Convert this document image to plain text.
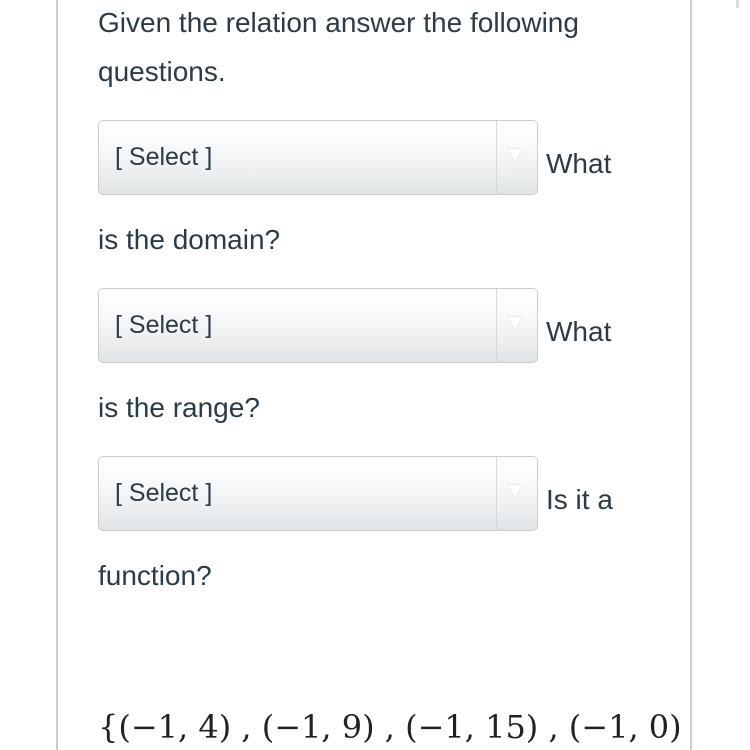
Given the relation answer the following
questions.
[ Select ]	What
is the domain?
[ Select ]	What
is the range?
[ Select ]	Is it a
function?
{(−1, 4) , (−1, 9) , (−1, 15) , (−1, 0)
